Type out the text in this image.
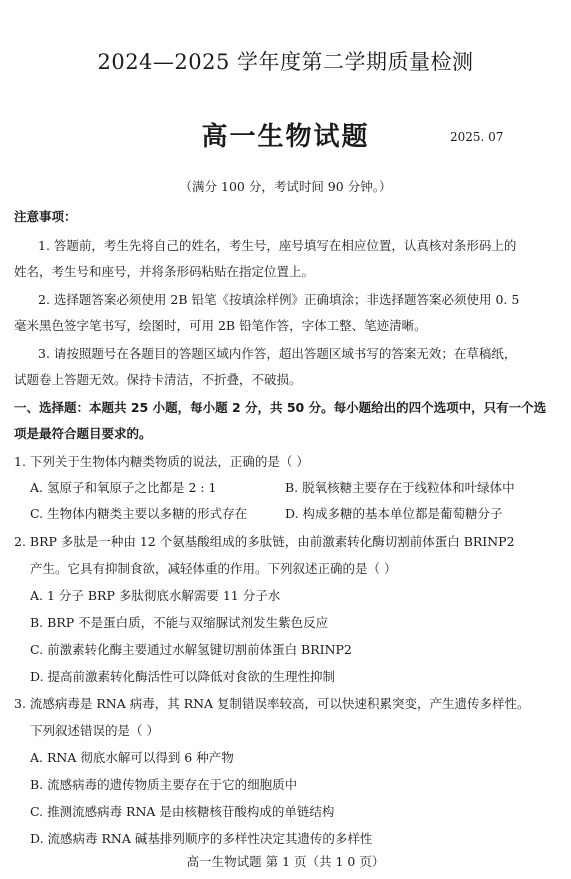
2024—2025 学年度第二学期质量检测
高一生物试题	2025. 07
（满分 100 分，考试时间 90 分钟。）
注意事项：
1. 答题前，考生先将自己的姓名，考生号，座号填写在相应位置，认真核对条形码上的
姓名，考生号和座号，并将条形码粘贴在指定位置上。
2. 选择题答案必须使用 2B 铅笔《按填涂样例》正确填涂；非选择题答案必须使用 0. 5
毫米黑色签字笔书写，绘图时，可用 2B 铅笔作答，字体工整、笔迹清晰。
3. 请按照题号在各题目的答题区域内作答，超出答题区域书写的答案无效；在草稿纸，
试题卷上答题无效。保持卡清洁，不折叠，不破损。
一、选择题：本题共 25 小题，每小题 2 分，共 50 分。每小题给出的四个选项中，只有一个选
项是最符合题目要求的。
1. 下列关于生物体内糖类物质的说法，正确的是（ ）
A. 氢原子和氧原子之比都是 2 : 1	B. 脱氧核糖主要存在于线粒体和叶绿体中
C. 生物体内糖类主要以多糖的形式存在	D. 构成多糖的基本单位都是葡萄糖分子
2. BRP 多肽是一种由 12 个氨基酸组成的多肽链，由前激素转化酶切割前体蛋白 BRINP2
产生。它具有抑制食欲，减轻体重的作用。下列叙述正确的是（ ）
A. 1 分子 BRP 多肽彻底水解需要 11 分子水
B. BRP 不是蛋白质，不能与双缩脲试剂发生紫色反应
C. 前激素转化酶主要通过水解氢键切割前体蛋白 BRINP2
D. 提高前激素转化酶活性可以降低对食欲的生理性抑制
3. 流感病毒是 RNA 病毒，其 RNA 复制错误率较高，可以快速积累突变，产生遗传多样性。
下列叙述错误的是（ ）
A. RNA 彻底水解可以得到 6 种产物
B. 流感病毒的遗传物质主要存在于它的细胞质中
C. 推测流感病毒 RNA 是由核糖核苷酸构成的单链结构
D. 流感病毒 RNA 碱基排列顺序的多样性决定其遗传的多样性
高一生物试题 第 1 页（共 1 0 页）
